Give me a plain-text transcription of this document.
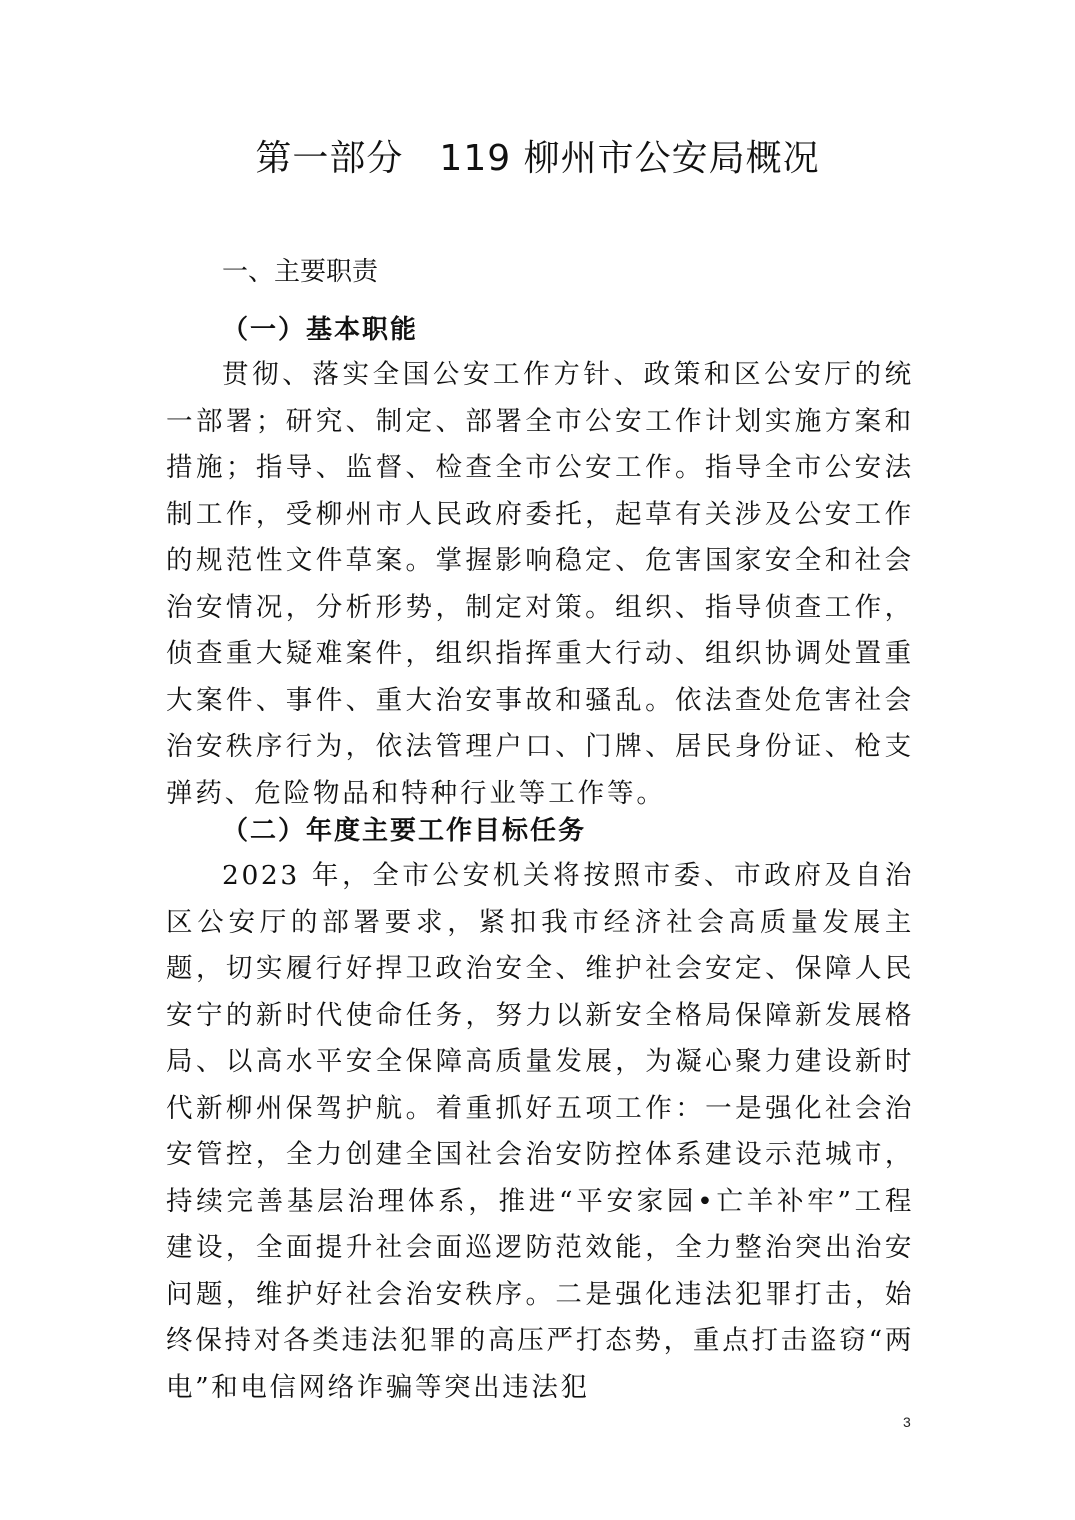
第一部分 119 柳州市公安局概况
一、主要职责
（一）基本职能

贯彻、落实全国公安工作方针、政策和区公安厅的统一部署；研究、制定、部署全市公安工作计划实施方案和措施；指导、监督、检查全市公安工作。指导全市公安法制工作，受柳州市人民政府委托，起草有关涉及公安工作的规范性文件草案。掌握影响稳定、危害国家安全和社会治安情况，分析形势，制定对策。组织、指导侦查工作，侦查重大疑难案件，组织指挥重大行动、组织协调处置重大案件、事件、重大治安事故和骚乱。依法查处危害社会治安秩序行为，依法管理户口、门牌、居民身份证、枪支弹药、危险物品和特种行业等工作等。

（二）年度主要工作目标任务

2023 年，全市公安机关将按照市委、市政府及自治区公安厅的部署要求，紧扣我市经济社会高质量发展主题，切实履行好捍卫政治安全、维护社会安定、保障人民安宁的新时代使命任务，努力以新安全格局保障新发展格局、以高水平安全保障高质量发展，为凝心聚力建设新时代新柳州保驾护航。着重抓好五项工作：一是强化社会治安管控，全力创建全国社会治安防控体系建设示范城市，持续完善基层治理体系，推进“平安家园•亡羊补牢”工程建设，全面提升社会面巡逻防范效能，全力整治突出治安问题，维护好社会治安秩序。二是强化违法犯罪打击，始终保持对各类违法犯罪的高压严打态势，重点打击盗窃“两电”和电信网络诈骗等突出违法犯

3
